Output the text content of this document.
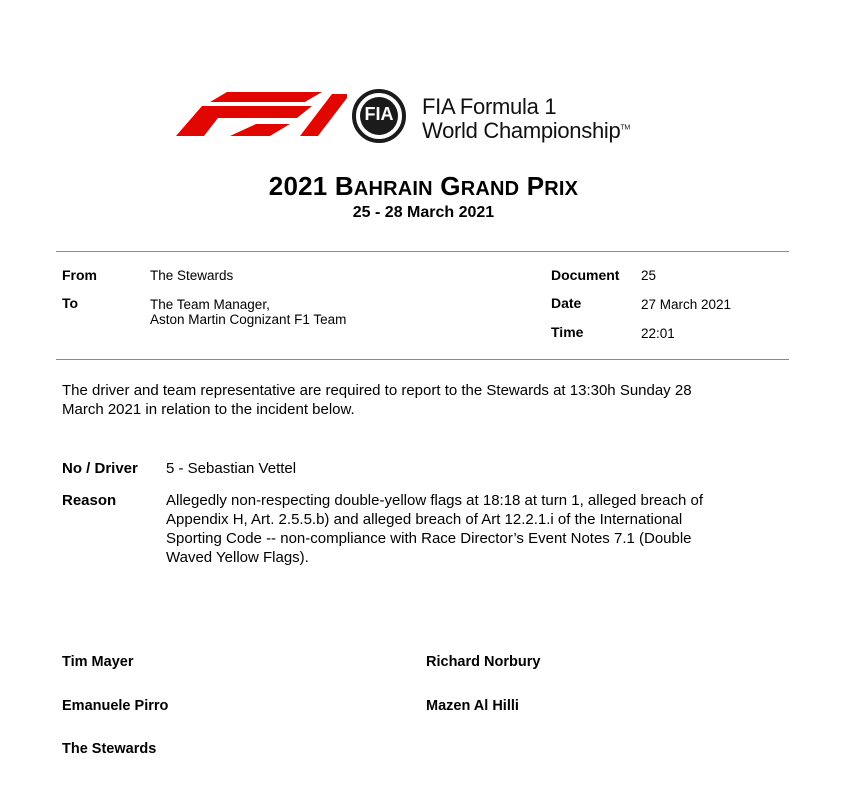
FIA FIA Formula 1
World Championship™
2021 BAHRAIN GRAND PRIX
25 - 28 March 2021
From	The Stewards
To	The Team Manager,
Aston Martin Cognizant F1 Team
Document 25
Date	27 March 2021
Time	22:01
The driver and team representative are required to report to the Stewards at 13:30h Sunday 28
March 2021 in relation to the incident below.
No / Driver 5 - Sebastian Vettel
Reason	Allegedly non-respecting double-yellow flags at 18:18 at turn 1, alleged breach of
Appendix H, Art. 2.5.5.b) and alleged breach of Art 12.2.1.i of the International
Sporting Code -- non-compliance with Race Director’s Event Notes 7.1 (Double
Waved Yellow Flags).
Tim Mayer	Richard Norbury
Emanuele Pirro	Mazen Al Hilli
The Stewards
